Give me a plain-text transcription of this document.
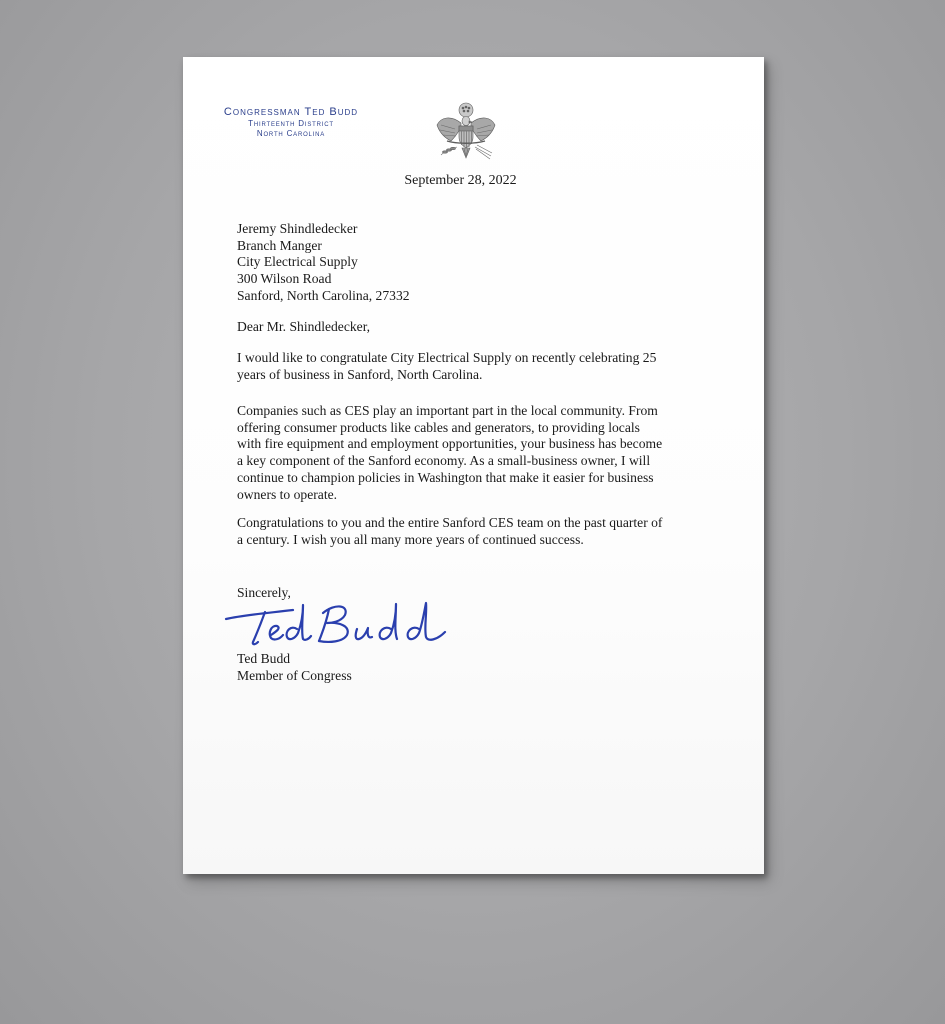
Congressman Ted Budd
Thirteenth District
North Carolina
September 28, 2022
Jeremy Shindledecker
Branch Manger
City Electrical Supply
300 Wilson Road
Sanford, North Carolina, 27332
Dear Mr. Shindledecker,
I would like to congratulate City Electrical Supply on recently celebrating 25
years of business in Sanford, North Carolina.
Companies such as CES play an important part in the local community. From
offering consumer products like cables and generators, to providing locals
with fire equipment and employment opportunities, your business has become
a key component of the Sanford economy. As a small-business owner, I will
continue to champion policies in Washington that make it easier for business
owners to operate.
Congratulations to you and the entire Sanford CES team on the past quarter of
a century. I wish you all many more years of continued success.
Sincerely,
Ted Budd
Member of Congress
